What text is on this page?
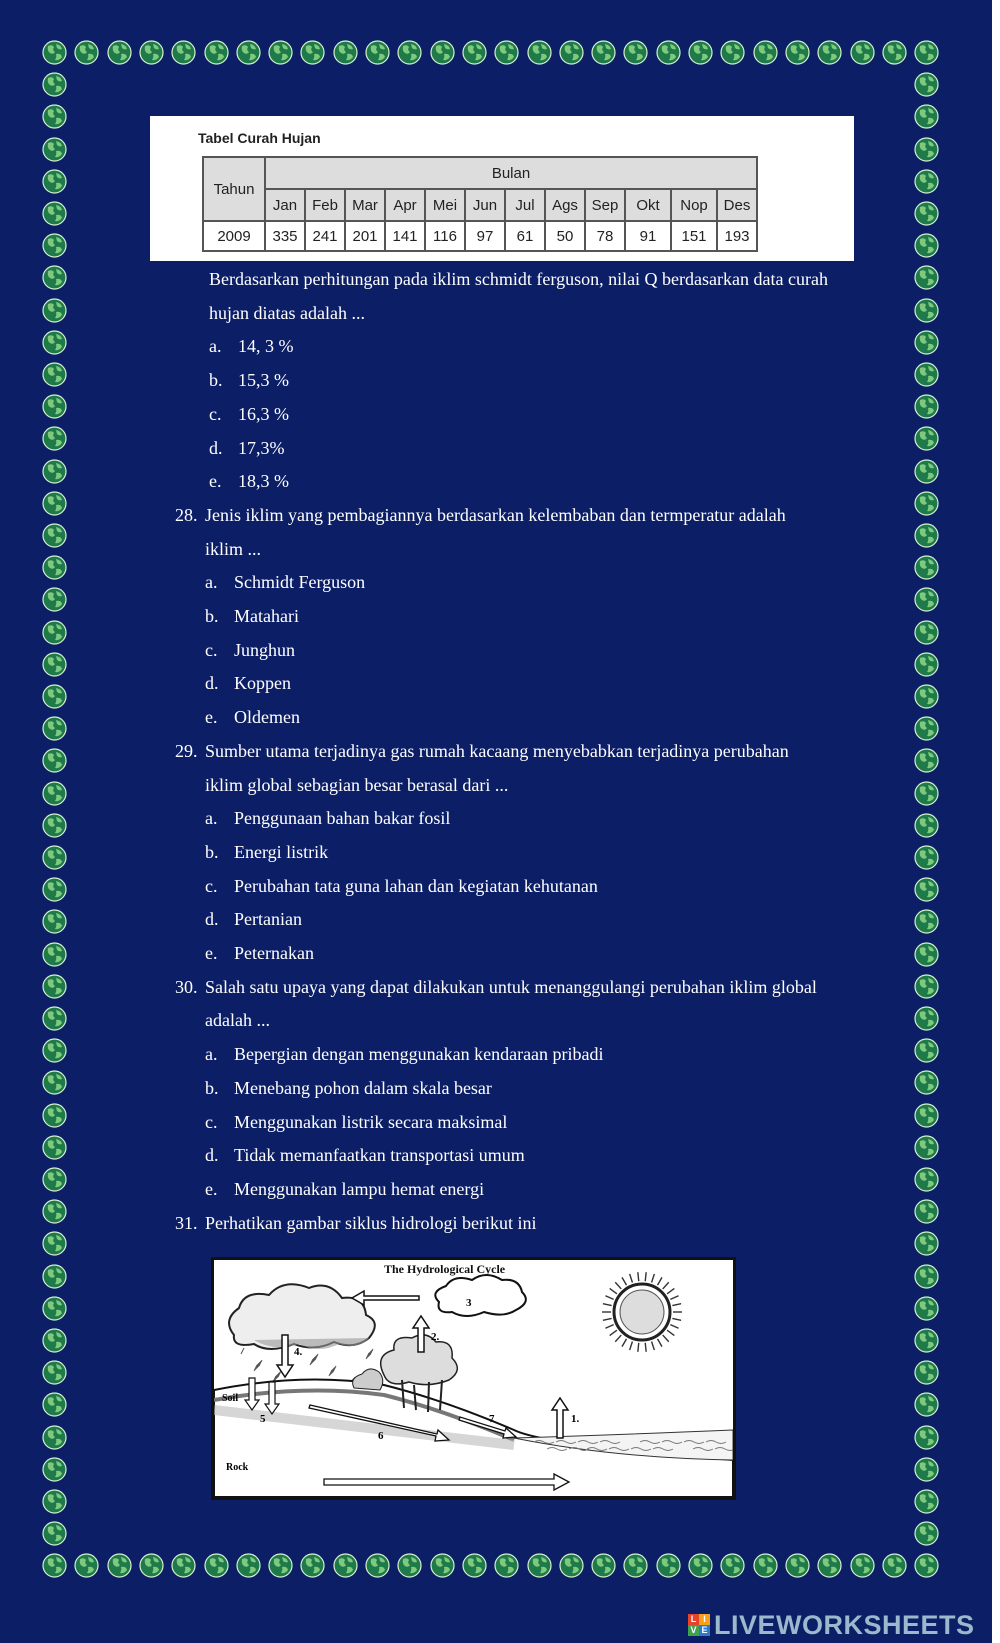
Tabel Curah Hujan
Tahun	Bulan											
	Jan	Feb	Mar	Apr	Mei	Jun	Jul	Ags	Sep	Okt	Nop	Des
2009	335	241	201	141	116	97	61	50	78	91	151	193
Berdasarkan perhitungan pada iklim schmidt ferguson, nilai Q berdasarkan data curah
hujan diatas adalah ...
a. 14, 3 %
b. 15,3 %
c. 16,3 %
d. 17,3%
e. 18,3 %
28. Jenis iklim yang pembagiannya berdasarkan kelembaban dan termperatur adalah
iklim ...
a. Schmidt Ferguson
b. Matahari
c. Junghun
d. Koppen
e. Oldemen
29. Sumber utama terjadinya gas rumah kacaang menyebabkan terjadinya perubahan
iklim global sebagian besar berasal dari ...
a. Penggunaan bahan bakar fosil
b. Energi listrik
c. Perubahan tata guna lahan dan kegiatan kehutanan
d. Pertanian
e. Peternakan
30. Salah satu upaya yang dapat dilakukan untuk menanggulangi perubahan iklim global
adalah ...
a. Bepergian dengan menggunakan kendaraan pribadi
b. Menebang pohon dalam skala besar
c. Menggunakan listrik secara maksimal
d. Tidak memanfaatkan transportasi umum
e. Menggunakan lampu hemat energi
31. Perhatikan gambar siklus hidrologi berikut ini
The Hydrological Cycle
3
2.
4.
Soil
5
6
7	1.
Rock
L I
V E LIVEWORKSHEETS
